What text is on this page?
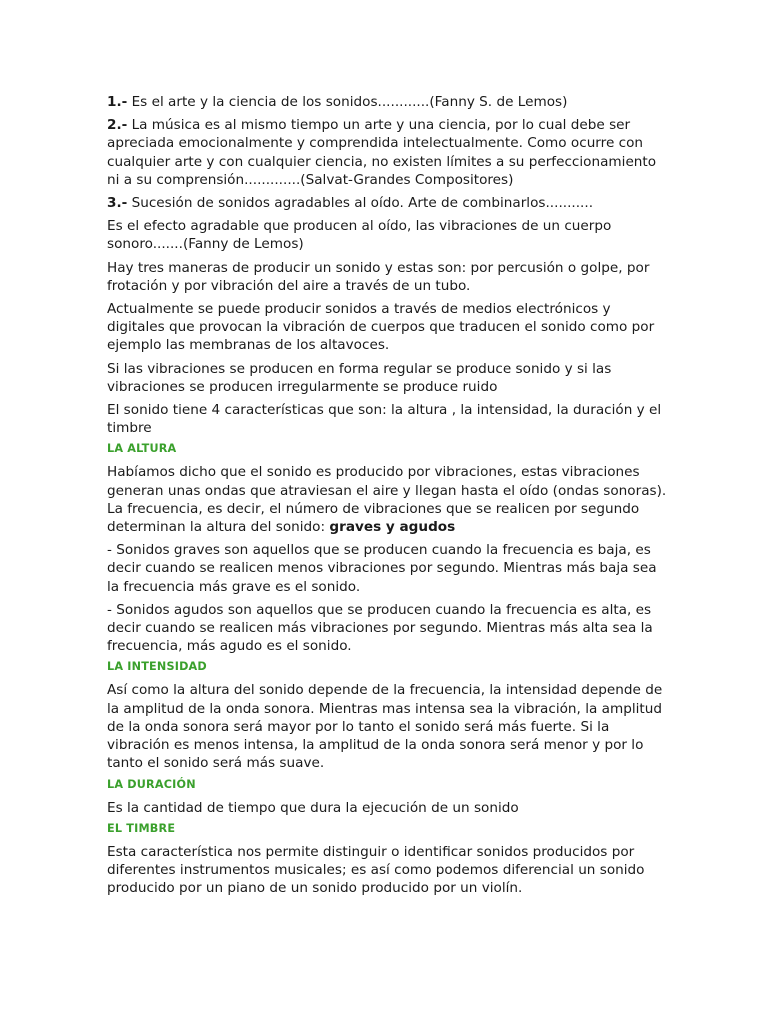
1.- Es el arte y la ciencia de los sonidos............(Fanny S. de Lemos)

2.- La música es al mismo tiempo un arte y una ciencia, por lo cual debe ser apreciada emocionalmente y comprendida intelectualmente. Como ocurre con cualquier arte y con cualquier ciencia, no existen límites a su perfeccionamiento ni a su comprensión.............(Salvat-Grandes Compositores)

3.- Sucesión de sonidos agradables al oído. Arte de combinarlos...........

Es el efecto agradable que producen al oído, las vibraciones de un cuerpo sonoro.......(Fanny de Lemos)

Hay tres maneras de producir un sonido y estas son: por percusión o golpe, por frotación y por vibración del aire a través de un tubo.

Actualmente se puede producir sonidos a través de medios electrónicos y digitales que provocan la vibración de cuerpos que traducen el sonido como por ejemplo las membranas de los altavoces.

Si las vibraciones se producen en forma regular se produce sonido y si las vibraciones se producen irregularmente se produce ruido

El sonido tiene 4 características que son: la altura , la intensidad, la duración y el timbre

LA ALTURA

Habíamos dicho que el sonido es producido por vibraciones, estas vibraciones generan unas ondas que atraviesan el aire y llegan hasta el oído (ondas sonoras). La frecuencia, es decir, el número de vibraciones que se realicen por segundo determinan la altura del sonido: graves y agudos

- Sonidos graves son aquellos que se producen cuando la frecuencia es baja, es decir cuando se realicen menos vibraciones por segundo. Mientras más baja sea la frecuencia más grave es el sonido.

- Sonidos agudos son aquellos que se producen cuando la frecuencia es alta, es decir cuando se realicen más vibraciones por segundo. Mientras más alta sea la frecuencia, más agudo es el sonido.

LA INTENSIDAD

Así como la altura del sonido depende de la frecuencia, la intensidad depende de la amplitud de la onda sonora. Mientras mas intensa sea la vibración, la amplitud de la onda sonora será mayor por lo tanto el sonido será más fuerte. Si la vibración es menos intensa, la amplitud de la onda sonora será menor y por lo tanto el sonido será más suave.

LA DURACIÓN

Es la cantidad de tiempo que dura la ejecución de un sonido

EL TIMBRE

Esta característica nos permite distinguir o identificar sonidos producidos por diferentes instrumentos musicales; es así como podemos diferencial un sonido producido por un piano de un sonido producido por un violín.
